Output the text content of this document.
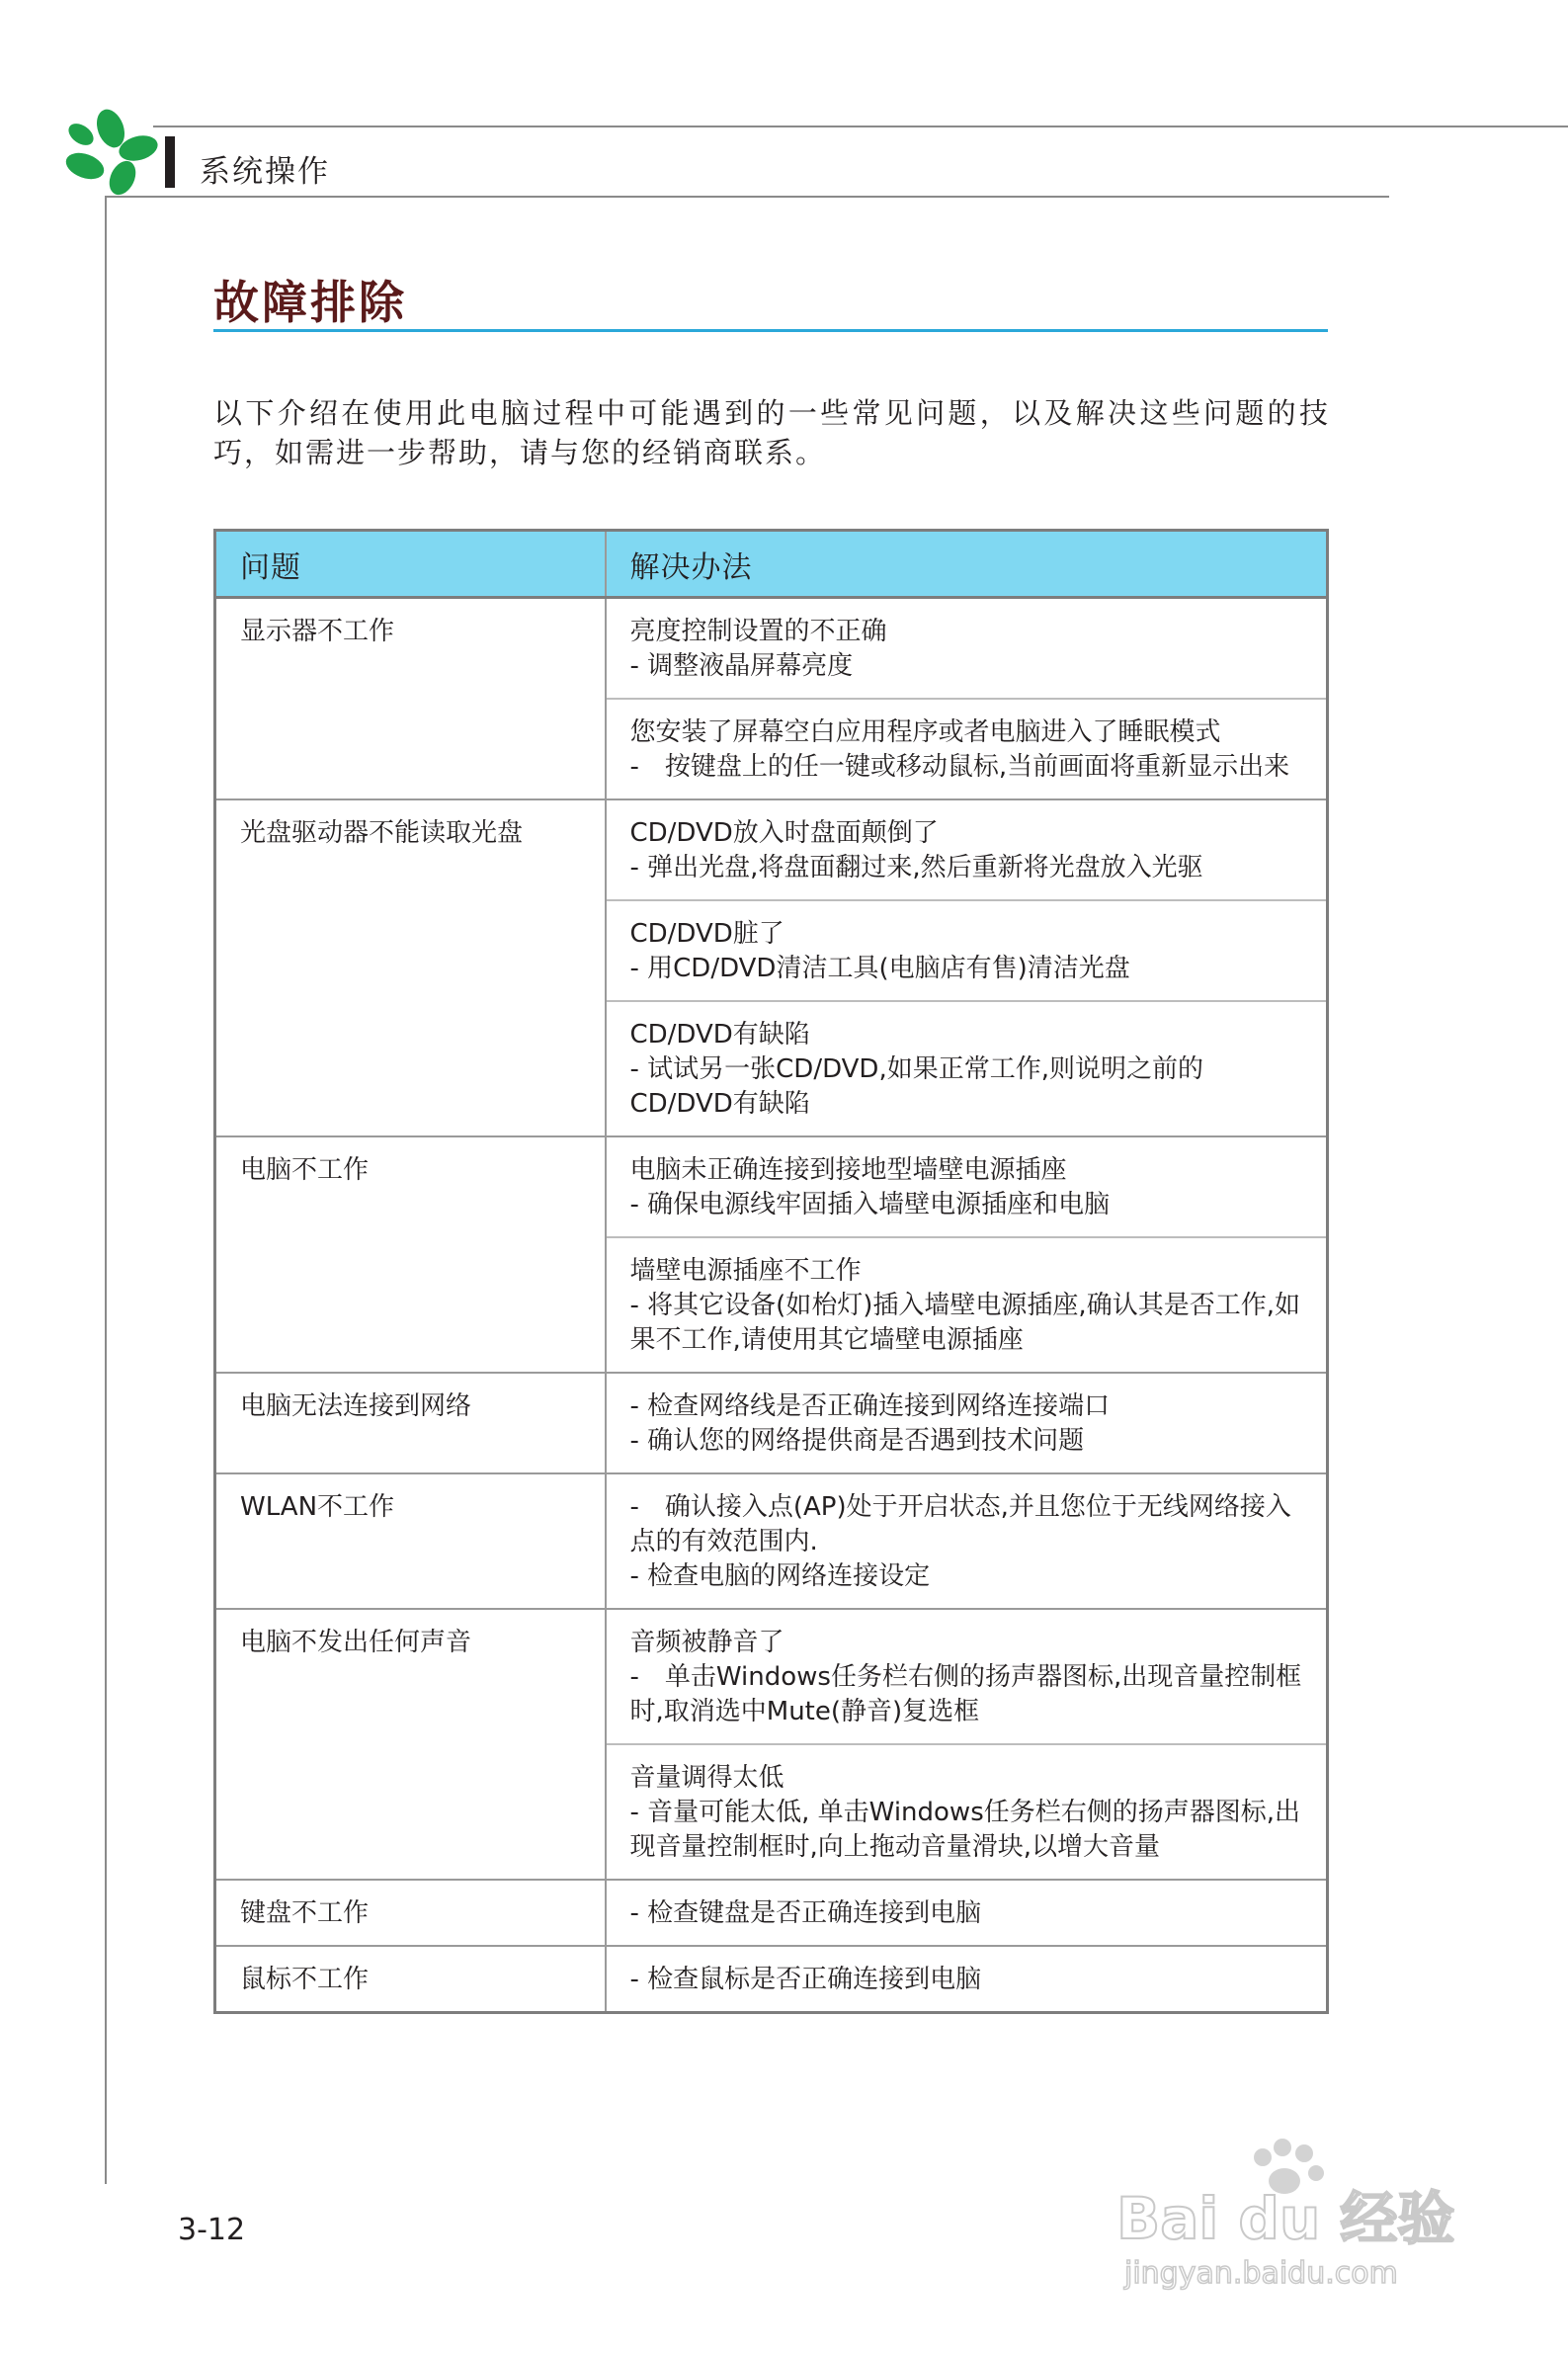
系统操作
故障排除
以下介绍在使用此电脑过程中可能遇到的一些常见问题，以及解决这些问题的技巧，如需进一步帮助，请与您的经销商联系。
问题	解决办法
显示器不工作	亮度控制设置的不正确
- 调整液晶屏幕亮度

	您安装了屏幕空白应用程序或者电脑进入了睡眠模式
-　按键盘上的任一键或移动鼠标,当前画面将重新显示出来

光盘驱动器不能读取光盘	CD/DVD放入时盘面颠倒了
- 弹出光盘,将盘面翻过来,然后重新将光盘放入光驱

	CD/DVD脏了
- 用CD/DVD清洁工具(电脑店有售)清洁光盘

	CD/DVD有缺陷
- 试试另一张CD/DVD,如果正常工作,则说明之前的CD/DVD有缺陷

电脑不工作	电脑未正确连接到接地型墙壁电源插座
- 确保电源线牢固插入墙壁电源插座和电脑

	墙壁电源插座不工作
- 将其它设备(如枱灯)插入墙壁电源插座,确认其是否工作,如果不工作,请使用其它墙壁电源插座

电脑无法连接到网络	- 检查网络线是否正确连接到网络连接端口
- 确认您的网络提供商是否遇到技术问题

WLAN不工作	-　确认接入点(AP)处于开启状态,并且您位于无线网络接入点的有效范围内.
- 检查电脑的网络连接设定

电脑不发出任何声音	音频被静音了
-　单击Windows任务栏右侧的扬声器图标,出现音量控制框时,取消选中Mute(静音)复选框

	音量调得太低
- 音量可能太低, 单击Windows任务栏右侧的扬声器图标,出现音量控制框时,向上拖动音量滑块,以增大音量

键盘不工作	- 检查键盘是否正确连接到电脑

鼠标不工作	- 检查鼠标是否正确连接到电脑
3-12	Bai du 经验
jingyan.baidu.com
